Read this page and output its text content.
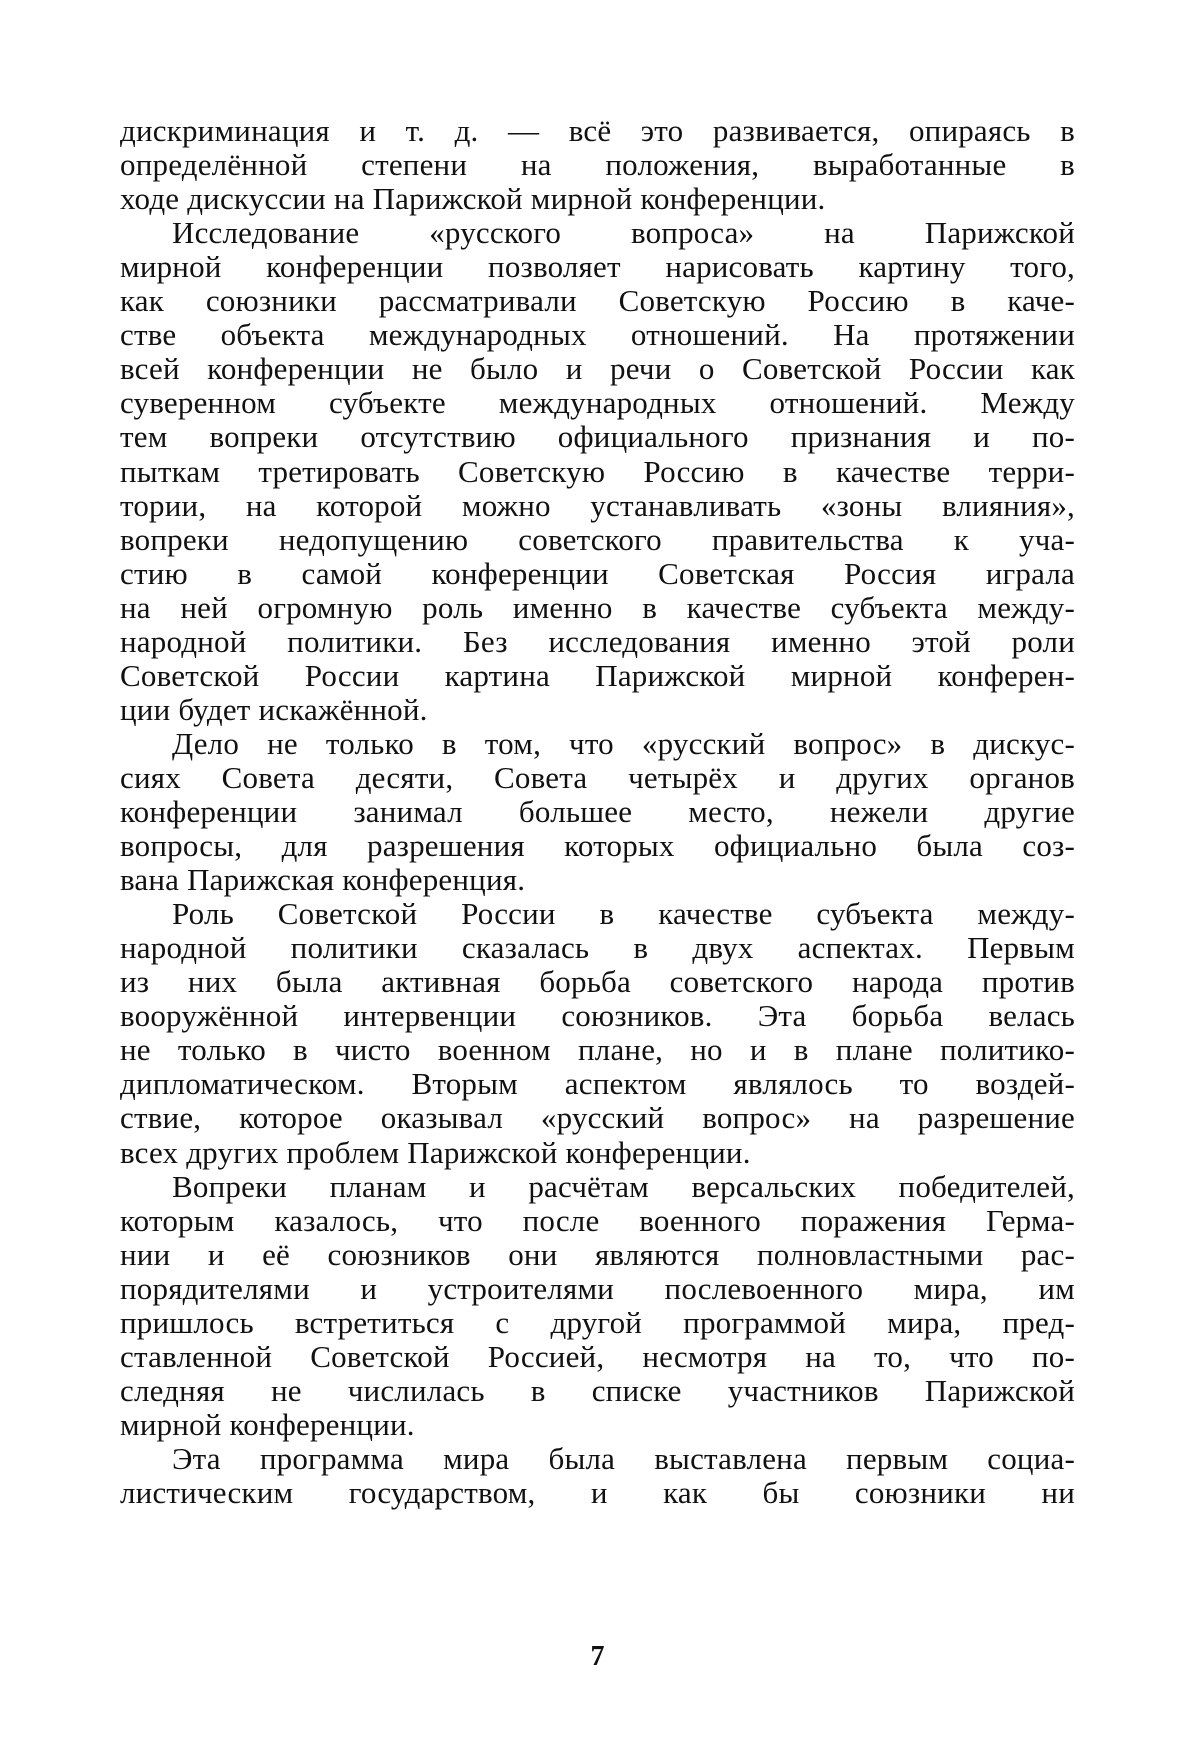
дискриминация и т. д. — всё это развивается, опираясь в
определённой степени на положения, выработанные в
ходе дискуссии на Парижской мирной конференции.
Исследование «русского вопроса» на Парижской
мирной конференции позволяет нарисовать картину того,
как союзники рассматривали Советскую Россию в каче-
стве объекта международных отношений. На протяжении
всей конференции не было и речи о Советской России как
суверенном субъекте международных отношений. Между
тем вопреки отсутствию официального признания и по-
пыткам третировать Советскую Россию в качестве терри-
тории, на которой можно устанавливать «зоны влияния»,
вопреки недопущению советского правительства к уча-
стию в самой конференции Советская Россия играла
на ней огромную роль именно в качестве субъекта между-
народной политики. Без исследования именно этой роли
Советской России картина Парижской мирной конферен-
ции будет искажённой.
Дело не только в том, что «русский вопрос» в дискус-
сиях Совета десяти, Совета четырёх и других органов
конференции занимал большее место, нежели другие
вопросы, для разрешения которых официально была соз-
вана Парижская конференция.
Роль Советской России в качестве субъекта между-
народной политики сказалась в двух аспектах. Первым
из них была активная борьба советского народа против
вооружённой интервенции союзников. Эта борьба велась
не только в чисто военном плане, но и в плане политико-
дипломатическом. Вторым аспектом являлось то воздей-
ствие, которое оказывал «русский вопрос» на разрешение
всех других проблем Парижской конференции.
Вопреки планам и расчётам версальских победителей,
которым казалось, что после военного поражения Герма-
нии и её союзников они являются полновластными рас-
порядителями и устроителями послевоенного мира, им
пришлось встретиться с другой программой мира, пред-
ставленной Советской Россией, несмотря на то, что по-
следняя не числилась в списке участников Парижской
мирной конференции.
Эта программа мира была выставлена первым социа-
листическим государством, и как бы союзники ни
7
